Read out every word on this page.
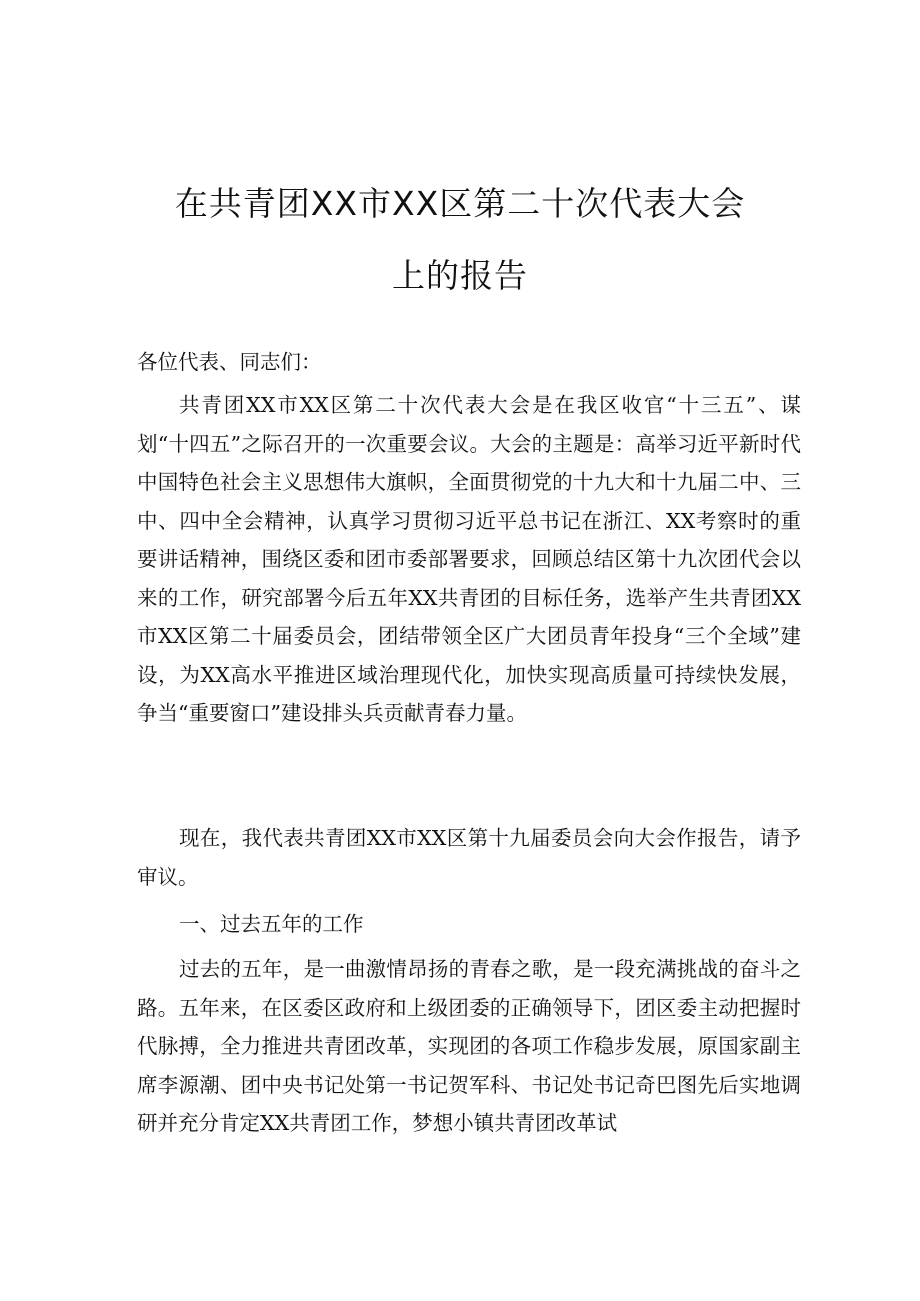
在共青团XX市XX区第二十次代表大会
上的报告

各位代表、同志们：

共青团XX市XX区第二十次代表大会是在我区收官“十三五”、谋划“十四五”之际召开的一次重要会议。大会的主题是：高举习近平新时代中国特色社会主义思想伟大旗帜，全面贯彻党的十九大和十九届二中、三中、四中全会精神，认真学习贯彻习近平总书记在浙江、XX考察时的重要讲话精神，围绕区委和团市委部署要求，回顾总结区第十九次团代会以来的工作，研究部署今后五年XX共青团的目标任务，选举产生共青团XX市XX区第二十届委员会，团结带领全区广大团员青年投身“三个全域”建设，为XX高水平推进区域治理现代化，加快实现高质量可持续快发展，争当“重要窗口”建设排头兵贡献青春力量。

现在，我代表共青团XX市XX区第十九届委员会向大会作报告，请予审议。

一、过去五年的工作

过去的五年，是一曲激情昂扬的青春之歌，是一段充满挑战的奋斗之路。五年来，在区委区政府和上级团委的正确领导下，团区委主动把握时代脉搏，全力推进共青团改革，实现团的各项工作稳步发展，原国家副主席李源潮、团中央书记处第一书记贺军科、书记处书记奇巴图先后实地调研并充分肯定XX共青团工作，梦想小镇共青团改革试
